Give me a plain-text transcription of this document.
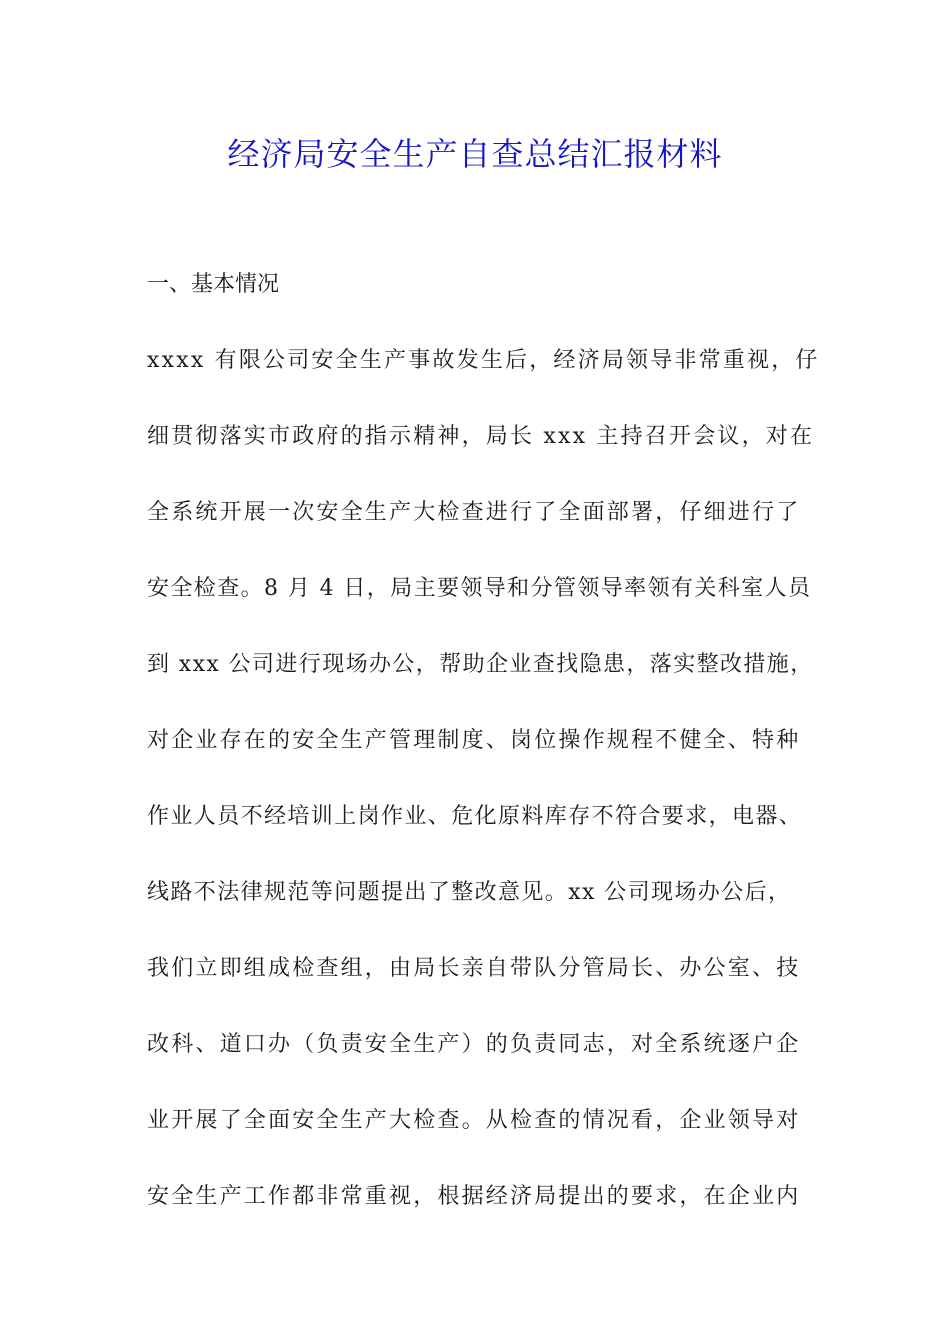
经济局安全生产自查总结汇报材料
一、基本情况
xxxx 有限公司安全生产事故发生后，经济局领导非常重视，仔
细贯彻落实市政府的指示精神，局长 xxx 主持召开会议，对在
全系统开展一次安全生产大检查进行了全面部署，仔细进行了
安全检查。8 月 4 日，局主要领导和分管领导率领有关科室人员
到 xxx 公司进行现场办公，帮助企业查找隐患，落实整改措施，
对企业存在的安全生产管理制度、岗位操作规程不健全、特种
作业人员不经培训上岗作业、危化原料库存不符合要求，电器、
线路不法律规范等问题提出了整改意见。xx 公司现场办公后，
我们立即组成检查组，由局长亲自带队分管局长、办公室、技
改科、道口办（负责安全生产）的负责同志，对全系统逐户企
业开展了全面安全生产大检查。从检查的情况看，企业领导对
安全生产工作都非常重视，根据经济局提出的要求，在企业内
